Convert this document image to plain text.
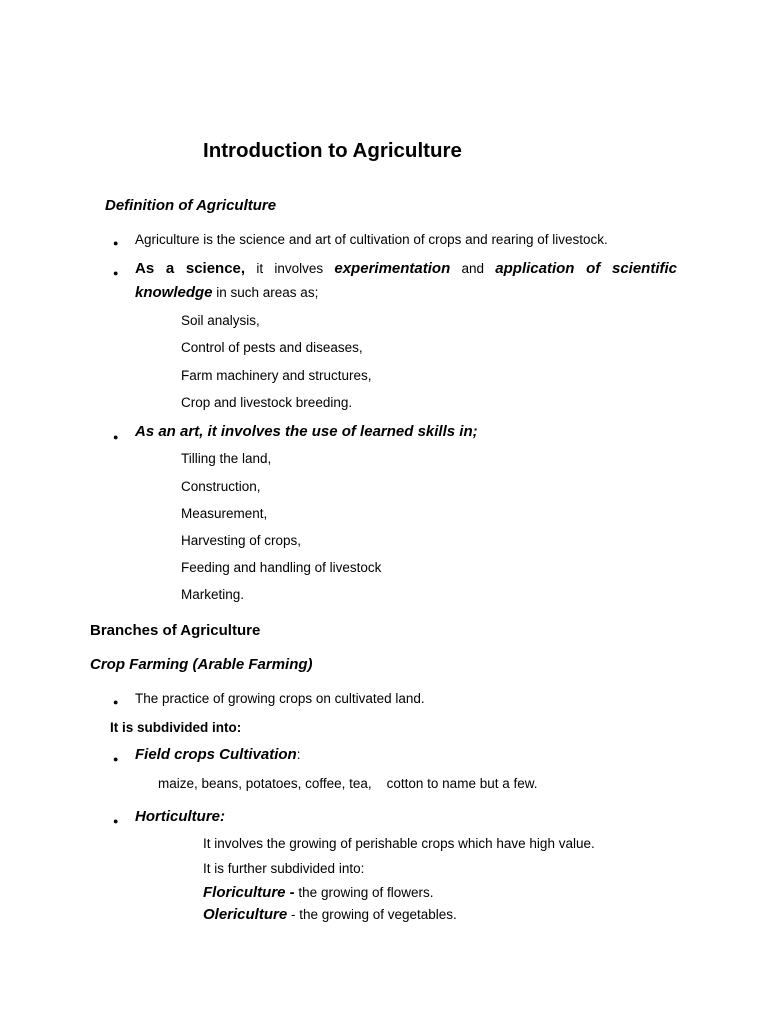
Introduction to Agriculture
Definition of Agriculture
●
Agriculture is the science and art of cultivation of crops and rearing of livestock.
●
As a science, it involves experimentation and application of scientific
knowledge in such areas as;
Soil analysis,
Control of pests and diseases,
Farm machinery and structures,
Crop and livestock breeding.
●
As an art, it involves the use of learned skills in;
Tilling the land,
Construction,
Measurement,
Harvesting of crops,
Feeding and handling of livestock
Marketing.
Branches of Agriculture
Crop Farming (Arable Farming)
●
The practice of growing crops on cultivated land.
It is subdivided into:
●
Field crops Cultivation:
maize, beans, potatoes, coffee, tea,    cotton to name but a few.
●
Horticulture:
It involves the growing of perishable crops which have high value.
It is further subdivided into:
Floriculture - the growing of flowers.
Olericulture - the growing of vegetables.
